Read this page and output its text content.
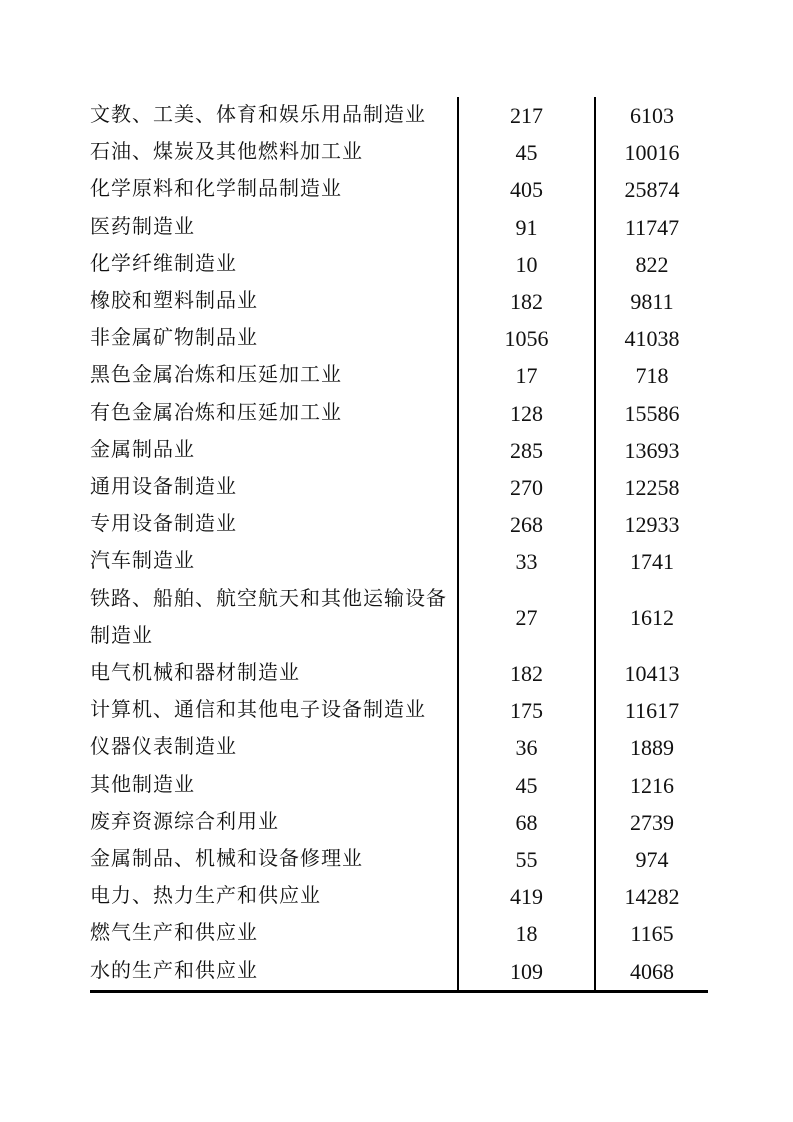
文教、工美、体育和娱乐用品制造业	217	6103
石油、煤炭及其他燃料加工业	45	10016
化学原料和化学制品制造业	405	25874
医药制造业	91	11747
化学纤维制造业	10	822
橡胶和塑料制品业	182	9811
非金属矿物制品业	1056	41038
黑色金属冶炼和压延加工业	17	718
有色金属冶炼和压延加工业	128	15586
金属制品业	285	13693
通用设备制造业	270	12258
专用设备制造业	268	12933
汽车制造业	33	1741
铁路、船舶、航空航天和其他运输设备制造业	27	1612
电气机械和器材制造业	182	10413
计算机、通信和其他电子设备制造业	175	11617
仪器仪表制造业	36	1889
其他制造业	45	1216
废弃资源综合利用业	68	2739
金属制品、机械和设备修理业	55	974
电力、热力生产和供应业	419	14282
燃气生产和供应业	18	1165
水的生产和供应业	109	4068
